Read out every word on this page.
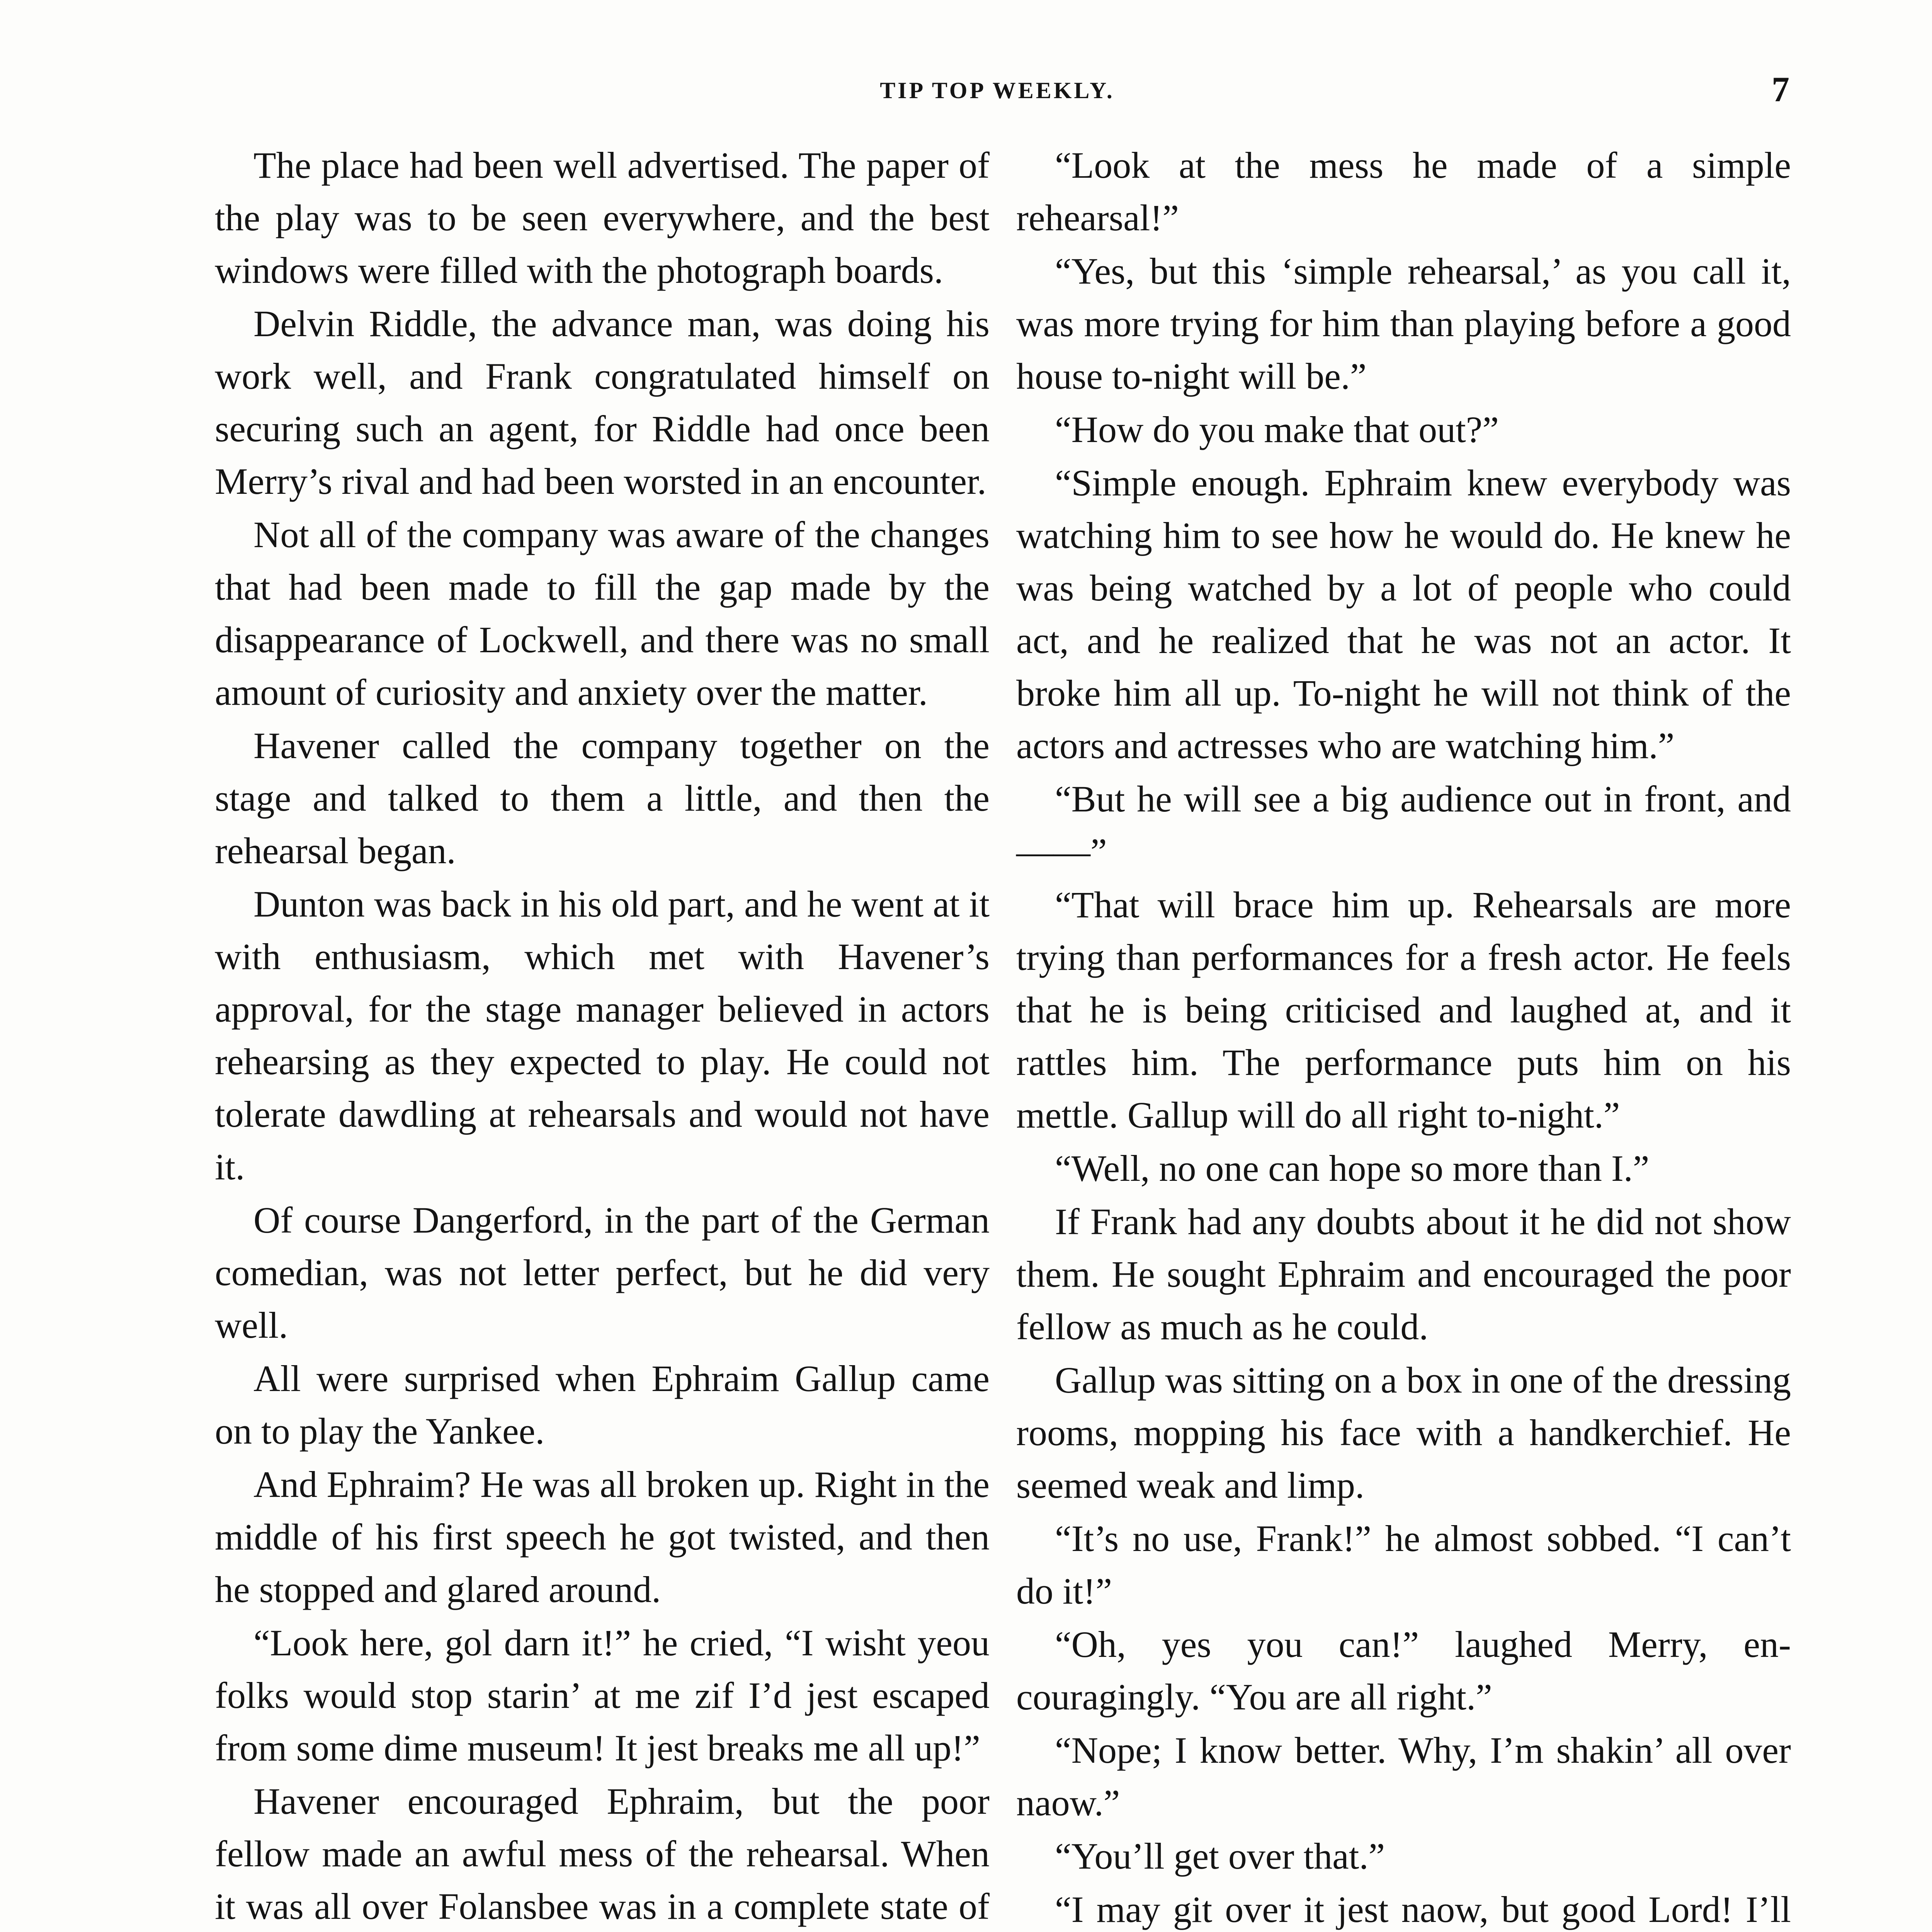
TIP TOP WEEKLY.	7

The place had been well advertised. The paper of the play was to be seen everywhere, and the best windows were filled with the photograph boards.

Delvin Riddle, the advance man, was doing his work well, and Frank congratulated himself on securing such an agent, for Riddle had once been Merry’s rival and had been worsted in an encounter.

Not all of the company was aware of the changes that had been made to fill the gap made by the disappearance of Lockwell, and there was no small amount of curiosity and anxiety over the matter.

Havener called the company together on the stage and talked to them a little, and then the rehearsal began.

Dunton was back in his old part, and he went at it with enthusiasm, which met with Havener’s approval, for the stage manager believed in actors rehearsing as they expected to play. He could not tolerate dawdling at rehearsals and would not have it.

Of course Dangerford, in the part of the German comedian, was not letter perfect, but he did very well.

All were surprised when Ephraim Gallup came on to play the Yankee.

And Ephraim? He was all broken up. Right in the middle of his first speech he got twisted, and then he stopped and glared around.

“Look here, gol darn it!” he cried, “I wisht yeou folks would stop starin’ at me zif I’d jest escaped from some dime museum! It jest breaks me all up!”

Havener encouraged Ephraim, but the poor fellow made an awful mess of the rehearsal. When it was all over Folansbee was in a complete state of

“Look at the mess he made of a simple rehearsal!”

“Yes, but this ‘simple rehearsal,’ as you call it, was more trying for him than playing before a good house to-night will be.”

“How do you make that out?”

“Simple enough. Ephraim knew everybody was watching him to see how he would do. He knew he was being watched by a lot of people who could act, and he realized that he was not an actor. It broke him all up. To-night he will not think of the actors and actresses who are watching him.”

“But he will see a big audience out in front, and——”

“That will brace him up. Rehearsals are more trying than performances for a fresh actor. He feels that he is being criticised and laughed at, and it rattles him. The performance puts him on his mettle. Gallup will do all right to-night.”

“Well, no one can hope so more than I.”

If Frank had any doubts about it he did not show them. He sought Ephraim and encouraged the poor fellow as much as he could.

Gallup was sitting on a box in one of the dressing rooms, mopping his face with a handkerchief. He seemed weak and limp.

“It’s no use, Frank!” he almost sobbed. “I can’t do it!”

“Oh, yes you can!” laughed Merry, encouragingly. “You are all right.”

“Nope; I know better. Why, I’m shakin’ all over naow.”

“You’ll get over that.”

“I may git over it jest naow, but good Lord! I’ll
